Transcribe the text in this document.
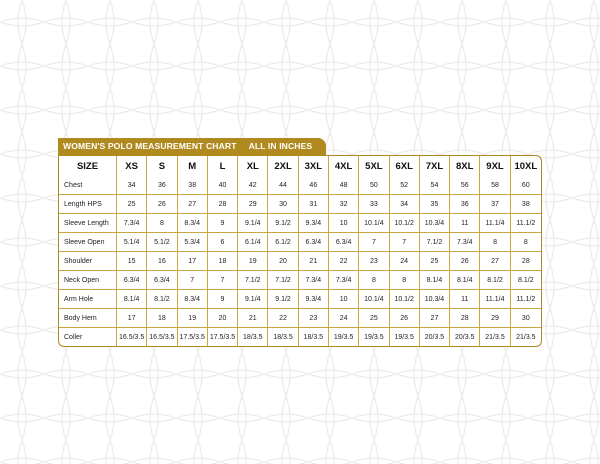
WOMEN'S POLO MEASUREMENT CHART ALL IN INCHES
SIZE	XS	S	M	L	XL	2XL	3XL	4XL	5XL	6XL	7XL	8XL	9XL	10XL
Chest	34	36	38	40	42	44	46	48	50	52	54	56	58	60
Length HPS	25	26	27	28	29	30	31	32	33	34	35	36	37	38
Sleeve Length	7.3/4	8	8.3/4	9	9.1/4	9.1/2	9.3/4	10	10.1/4	10.1/2	10.3/4	11	11.1/4	11.1/2
Sleeve Open	5.1/4	5.1/2	5.3/4	6	6.1/4	6.1/2	6.3/4	6.3/4	7	7	7.1/2	7.3/4	8	8
Shoulder	15	16	17	18	19	20	21	22	23	24	25	26	27	28
Neck Open	6.3/4	6.3/4	7	7	7.1/2	7.1/2	7.3/4	7.3/4	8	8	8.1/4	8.1/4	8.1/2	8.1/2
Arm Hole	8.1/4	8.1/2	8.3/4	9	9.1/4	9.1/2	9.3/4	10	10.1/4	10.1/2	10.3/4	11	11.1/4	11.1/2
Body Hem	17	18	19	20	21	22	23	24	25	26	27	28	29	30
Coller	16.5/3.5	16.5/3.5	17.5/3.5	17.5/3.5	18/3.5	18/3.5	18/3.5	19/3.5	19/3.5	19/3.5	20/3.5	20/3.5	21/3.5	21/3.5
